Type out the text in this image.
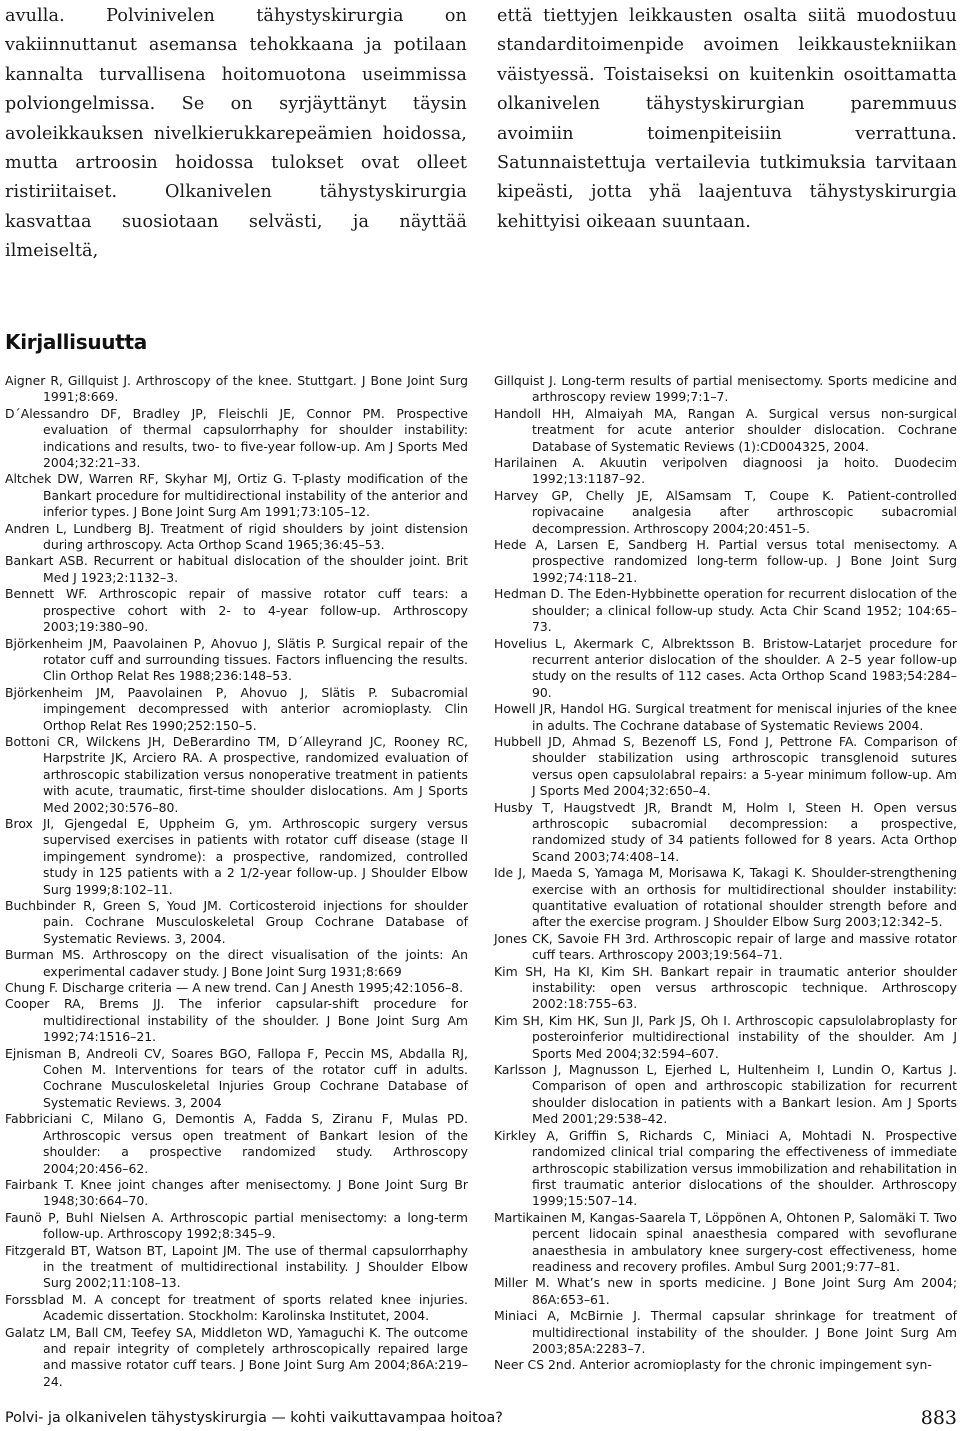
avulla. Polvinivelen tähystyskirurgia on vakiinnuttanut asemansa tehokkaana ja potilaan kannalta turvallisena hoitomuotona useimmissa polviongelmissa. Se on syrjäyttänyt täysin avoleikkauksen nivelkierukkarepeämien hoidossa, mutta artroosin hoidossa tulokset ovat olleet ristiriitaiset. Olkanivelen tähystyskirurgia kasvattaa suosiotaan selvästi, ja näyttää ilmeiseltä,

että tiettyjen leikkausten osalta siitä muodostuu standarditoimenpide avoimen leikkaustekniikan väistyessä. Toistaiseksi on kuitenkin osoittamatta olkanivelen tähystyskirurgian paremmuus avoimiin toimenpiteisiin verrattuna. Satunnaistettuja vertailevia tutkimuksia tarvitaan kipeästi, jotta yhä laajentuva tähystyskirurgia kehittyisi oikeaan suuntaan.

Kirjallisuutta

Aigner R, Gillquist J. Arthroscopy of the knee. Stuttgart. J Bone Joint Surg 1991;8:669.

D´Alessandro DF, Bradley JP, Fleischli JE, Connor PM. Prospective evaluation of thermal capsulorrhaphy for shoulder instability: indications and results, two- to five-year follow-up. Am J Sports Med 2004;32:21–33.

Altchek DW, Warren RF, Skyhar MJ, Ortiz G. T-plasty modification of the Bankart procedure for multidirectional instability of the anterior and inferior types. J Bone Joint Surg Am 1991;73:105–12.

Andren L, Lundberg BJ. Treatment of rigid shoulders by joint distension during arthroscopy. Acta Orthop Scand 1965;36:45–53.

Bankart ASB. Recurrent or habitual dislocation of the shoulder joint. Brit Med J 1923;2:1132–3.

Bennett WF. Arthroscopic repair of massive rotator cuff tears: a prospective cohort with 2- to 4-year follow-up. Arthroscopy 2003;19:380–90.

Björkenheim JM, Paavolainen P, Ahovuo J, Slätis P. Surgical repair of the rotator cuff and surrounding tissues. Factors influencing the results. Clin Orthop Relat Res 1988;236:148–53.

Björkenheim JM, Paavolainen P, Ahovuo J, Slätis P. Subacromial impingement decompressed with anterior acromioplasty. Clin Orthop Relat Res 1990;252:150–5.

Bottoni CR, Wilckens JH, DeBerardino TM, D´Alleyrand JC, Rooney RC, Harpstrite JK, Arciero RA. A prospective, randomized evaluation of arthroscopic stabilization versus nonoperative treatment in patients with acute, traumatic, first-time shoulder dislocations. Am J Sports Med 2002;30:576–80.

Brox JI, Gjengedal E, Uppheim G, ym. Arthroscopic surgery versus supervised exercises in patients with rotator cuff disease (stage II impingement syndrome): a prospective, randomized, controlled study in 125 patients with a 2 1/2-year follow-up. J Shoulder Elbow Surg 1999;8:102–11.

Buchbinder R, Green S, Youd JM. Corticosteroid injections for shoulder pain. Cochrane Musculoskeletal Group Cochrane Database of Systematic Reviews. 3, 2004.

Burman MS. Arthroscopy on the direct visualisation of the joints: An experimental cadaver study. J Bone Joint Surg 1931;8:669

Chung F. Discharge criteria — A new trend. Can J Anesth 1995;42:1056–8.

Cooper RA, Brems JJ. The inferior capsular-shift procedure for multidirectional instability of the shoulder. J Bone Joint Surg Am 1992;74:1516–21.

Ejnisman B, Andreoli CV, Soares BGO, Fallopa F, Peccin MS, Abdalla RJ, Cohen M. Interventions for tears of the rotator cuff in adults. Cochrane Musculoskeletal Injuries Group Cochrane Database of Systematic Reviews. 3, 2004

Fabbriciani C, Milano G, Demontis A, Fadda S, Ziranu F, Mulas PD. Arthroscopic versus open treatment of Bankart lesion of the shoulder: a prospective randomized study. Arthroscopy 2004;20:456–62.

Fairbank T. Knee joint changes after menisectomy. J Bone Joint Surg Br 1948;30:664–70.

Faunö P, Buhl Nielsen A. Arthroscopic partial menisectomy: a long-term follow-up. Arthroscopy 1992;8:345–9.

Fitzgerald BT, Watson BT, Lapoint JM. The use of thermal capsulorrhaphy in the treatment of multidirectional instability. J Shoulder Elbow Surg 2002;11:108–13.

Forssblad M. A concept for treatment of sports related knee injuries. Academic dissertation. Stockholm: Karolinska Institutet, 2004.

Galatz LM, Ball CM, Teefey SA, Middleton WD, Yamaguchi K. The outcome and repair integrity of completely arthroscopically repaired large and massive rotator cuff tears. J Bone Joint Surg Am 2004;86A:219–24.

Gillquist J. Long-term results of partial menisectomy. Sports medicine and arthroscopy review 1999;7:1–7.

Handoll HH, Almaiyah MA, Rangan A. Surgical versus non-surgical treatment for acute anterior shoulder dislocation. Cochrane Database of Systematic Reviews (1):CD004325, 2004.

Harilainen A. Akuutin veripolven diagnoosi ja hoito. Duodecim 1992;13:1187–92.

Harvey GP, Chelly JE, AlSamsam T, Coupe K. Patient-controlled ropivacaine analgesia after arthroscopic subacromial decompression. Arthroscopy 2004;20:451–5.

Hede A, Larsen E, Sandberg H. Partial versus total menisectomy. A prospective randomized long-term follow-up. J Bone Joint Surg 1992;74:118–21.

Hedman D. The Eden-Hybbinette operation for recurrent dislocation of the shoulder; a clinical follow-up study. Acta Chir Scand 1952; 104:65–73.

Hovelius L, Akermark C, Albrektsson B. Bristow-Latarjet procedure for recurrent anterior dislocation of the shoulder. A 2–5 year follow-up study on the results of 112 cases. Acta Orthop Scand 1983;54:284–90.

Howell JR, Handol HG. Surgical treatment for meniscal injuries of the knee in adults. The Cochrane database of Systematic Reviews 2004.

Hubbell JD, Ahmad S, Bezenoff LS, Fond J, Pettrone FA. Comparison of shoulder stabilization using arthroscopic transglenoid sutures versus open capsulolabral repairs: a 5-year minimum follow-up. Am J Sports Med 2004;32:650–4.

Husby T, Haugstvedt JR, Brandt M, Holm I, Steen H. Open versus arthroscopic subacromial decompression: a prospective, randomized study of 34 patients followed for 8 years. Acta Orthop Scand 2003;74:408–14.

Ide J, Maeda S, Yamaga M, Morisawa K, Takagi K. Shoulder-strengthening exercise with an orthosis for multidirectional shoulder instability: quantitative evaluation of rotational shoulder strength before and after the exercise program. J Shoulder Elbow Surg 2003;12:342–5.

Jones CK, Savoie FH 3rd. Arthroscopic repair of large and massive rotator cuff tears. Arthroscopy 2003;19:564–71.

Kim SH, Ha KI, Kim SH. Bankart repair in traumatic anterior shoulder instability: open versus arthroscopic technique. Arthroscopy 2002:18:755–63.

Kim SH, Kim HK, Sun JI, Park JS, Oh I. Arthroscopic capsulolabroplasty for posteroinferior multidirectional instability of the shoulder. Am J Sports Med 2004;32:594–607.

Karlsson J, Magnusson L, Ejerhed L, Hultenheim I, Lundin O, Kartus J. Comparison of open and arthroscopic stabilization for recurrent shoulder dislocation in patients with a Bankart lesion. Am J Sports Med 2001;29:538–42.

Kirkley A, Griffin S, Richards C, Miniaci A, Mohtadi N. Prospective randomized clinical trial comparing the effectiveness of immediate arthroscopic stabilization versus immobilization and rehabilitation in first traumatic anterior dislocations of the shoulder. Arthroscopy 1999;15:507–14.

Martikainen M, Kangas-Saarela T, Löppönen A, Ohtonen P, Salomäki T. Two percent lidocain spinal anaesthesia compared with sevoflurane anaesthesia in ambulatory knee surgery-cost effectiveness, home readiness and recovery profiles. Ambul Surg 2001;9:77–81.

Miller M. What’s new in sports medicine. J Bone Joint Surg Am 2004; 86A:653–61.

Miniaci A, McBirnie J. Thermal capsular shrinkage for treatment of multidirectional instability of the shoulder. J Bone Joint Surg Am 2003;85A:2283–7.

Neer CS 2nd. Anterior acromioplasty for the chronic impingement syn-

Polvi- ja olkanivelen tähystyskirurgia — kohti vaikuttavampaa hoitoa?	883
